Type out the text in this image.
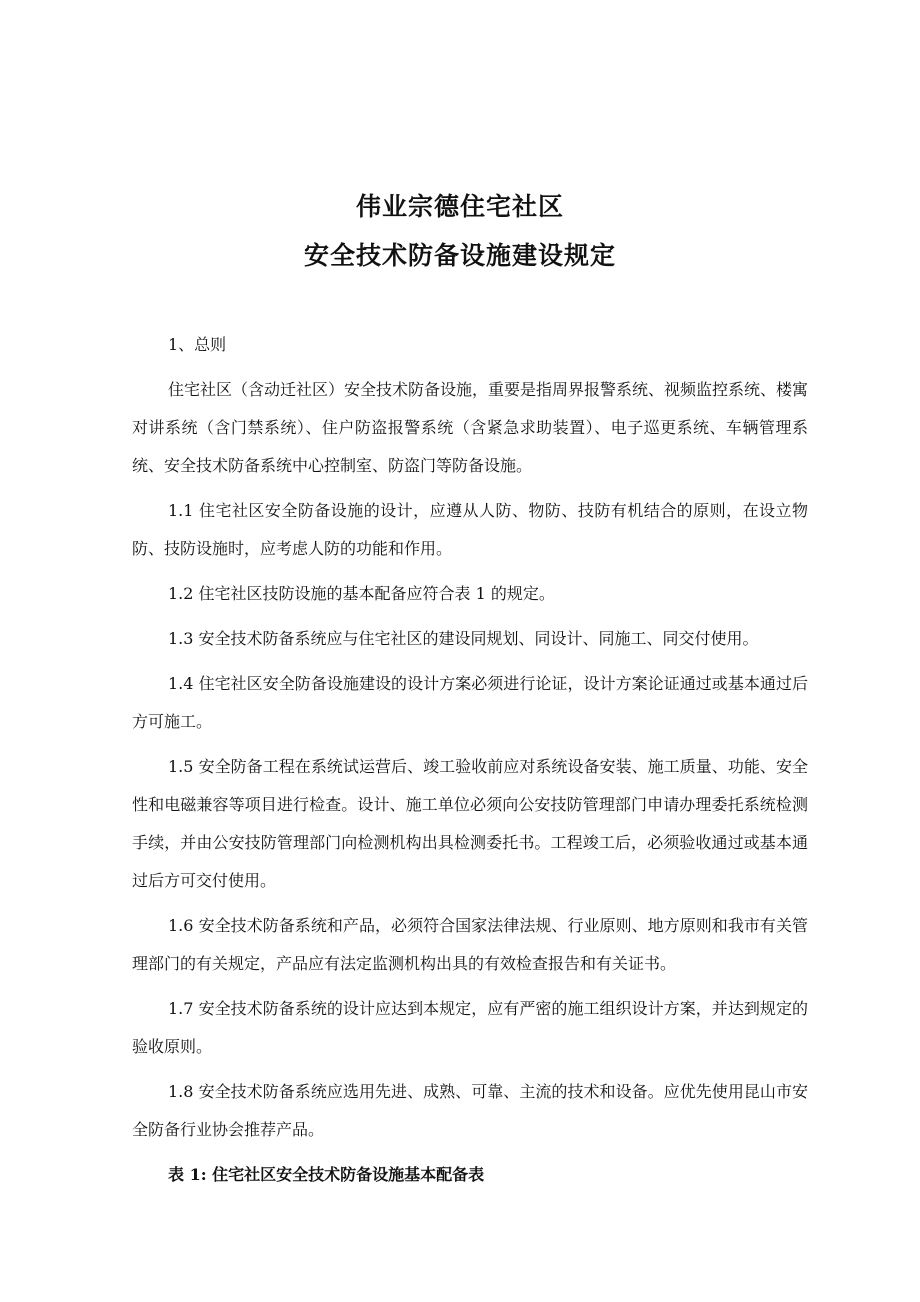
伟业宗德住宅社区
安全技术防备设施建设规定

1、总则

住宅社区（含动迁社区）安全技术防备设施，重要是指周界报警系统、视频监控系统、楼寓对讲系统（含门禁系统）、住户防盗报警系统（含紧急求助装置）、电子巡更系统、车辆管理系统、安全技术防备系统中心控制室、防盗门等防备设施。

1.1 住宅社区安全防备设施的设计，应遵从人防、物防、技防有机结合的原则，在设立物防、技防设施时，应考虑人防的功能和作用。

1.2 住宅社区技防设施的基本配备应符合表 1 的规定。

1.3 安全技术防备系统应与住宅社区的建设同规划、同设计、同施工、同交付使用。

1.4 住宅社区安全防备设施建设的设计方案必须进行论证，设计方案论证通过或基本通过后方可施工。

1.5 安全防备工程在系统试运营后、竣工验收前应对系统设备安装、施工质量、功能、安全性和电磁兼容等项目进行检查。设计、施工单位必须向公安技防管理部门申请办理委托系统检测手续，并由公安技防管理部门向检测机构出具检测委托书。工程竣工后，必须验收通过或基本通过后方可交付使用。

1.6 安全技术防备系统和产品，必须符合国家法律法规、行业原则、地方原则和我市有关管理部门的有关规定，产品应有法定监测机构出具的有效检查报告和有关证书。

1.7 安全技术防备系统的设计应达到本规定，应有严密的施工组织设计方案，并达到规定的验收原则。

1.8 安全技术防备系统应选用先进、成熟、可靠、主流的技术和设备。应优先使用昆山市安全防备行业协会推荐产品。

表 1: 住宅社区安全技术防备设施基本配备表
